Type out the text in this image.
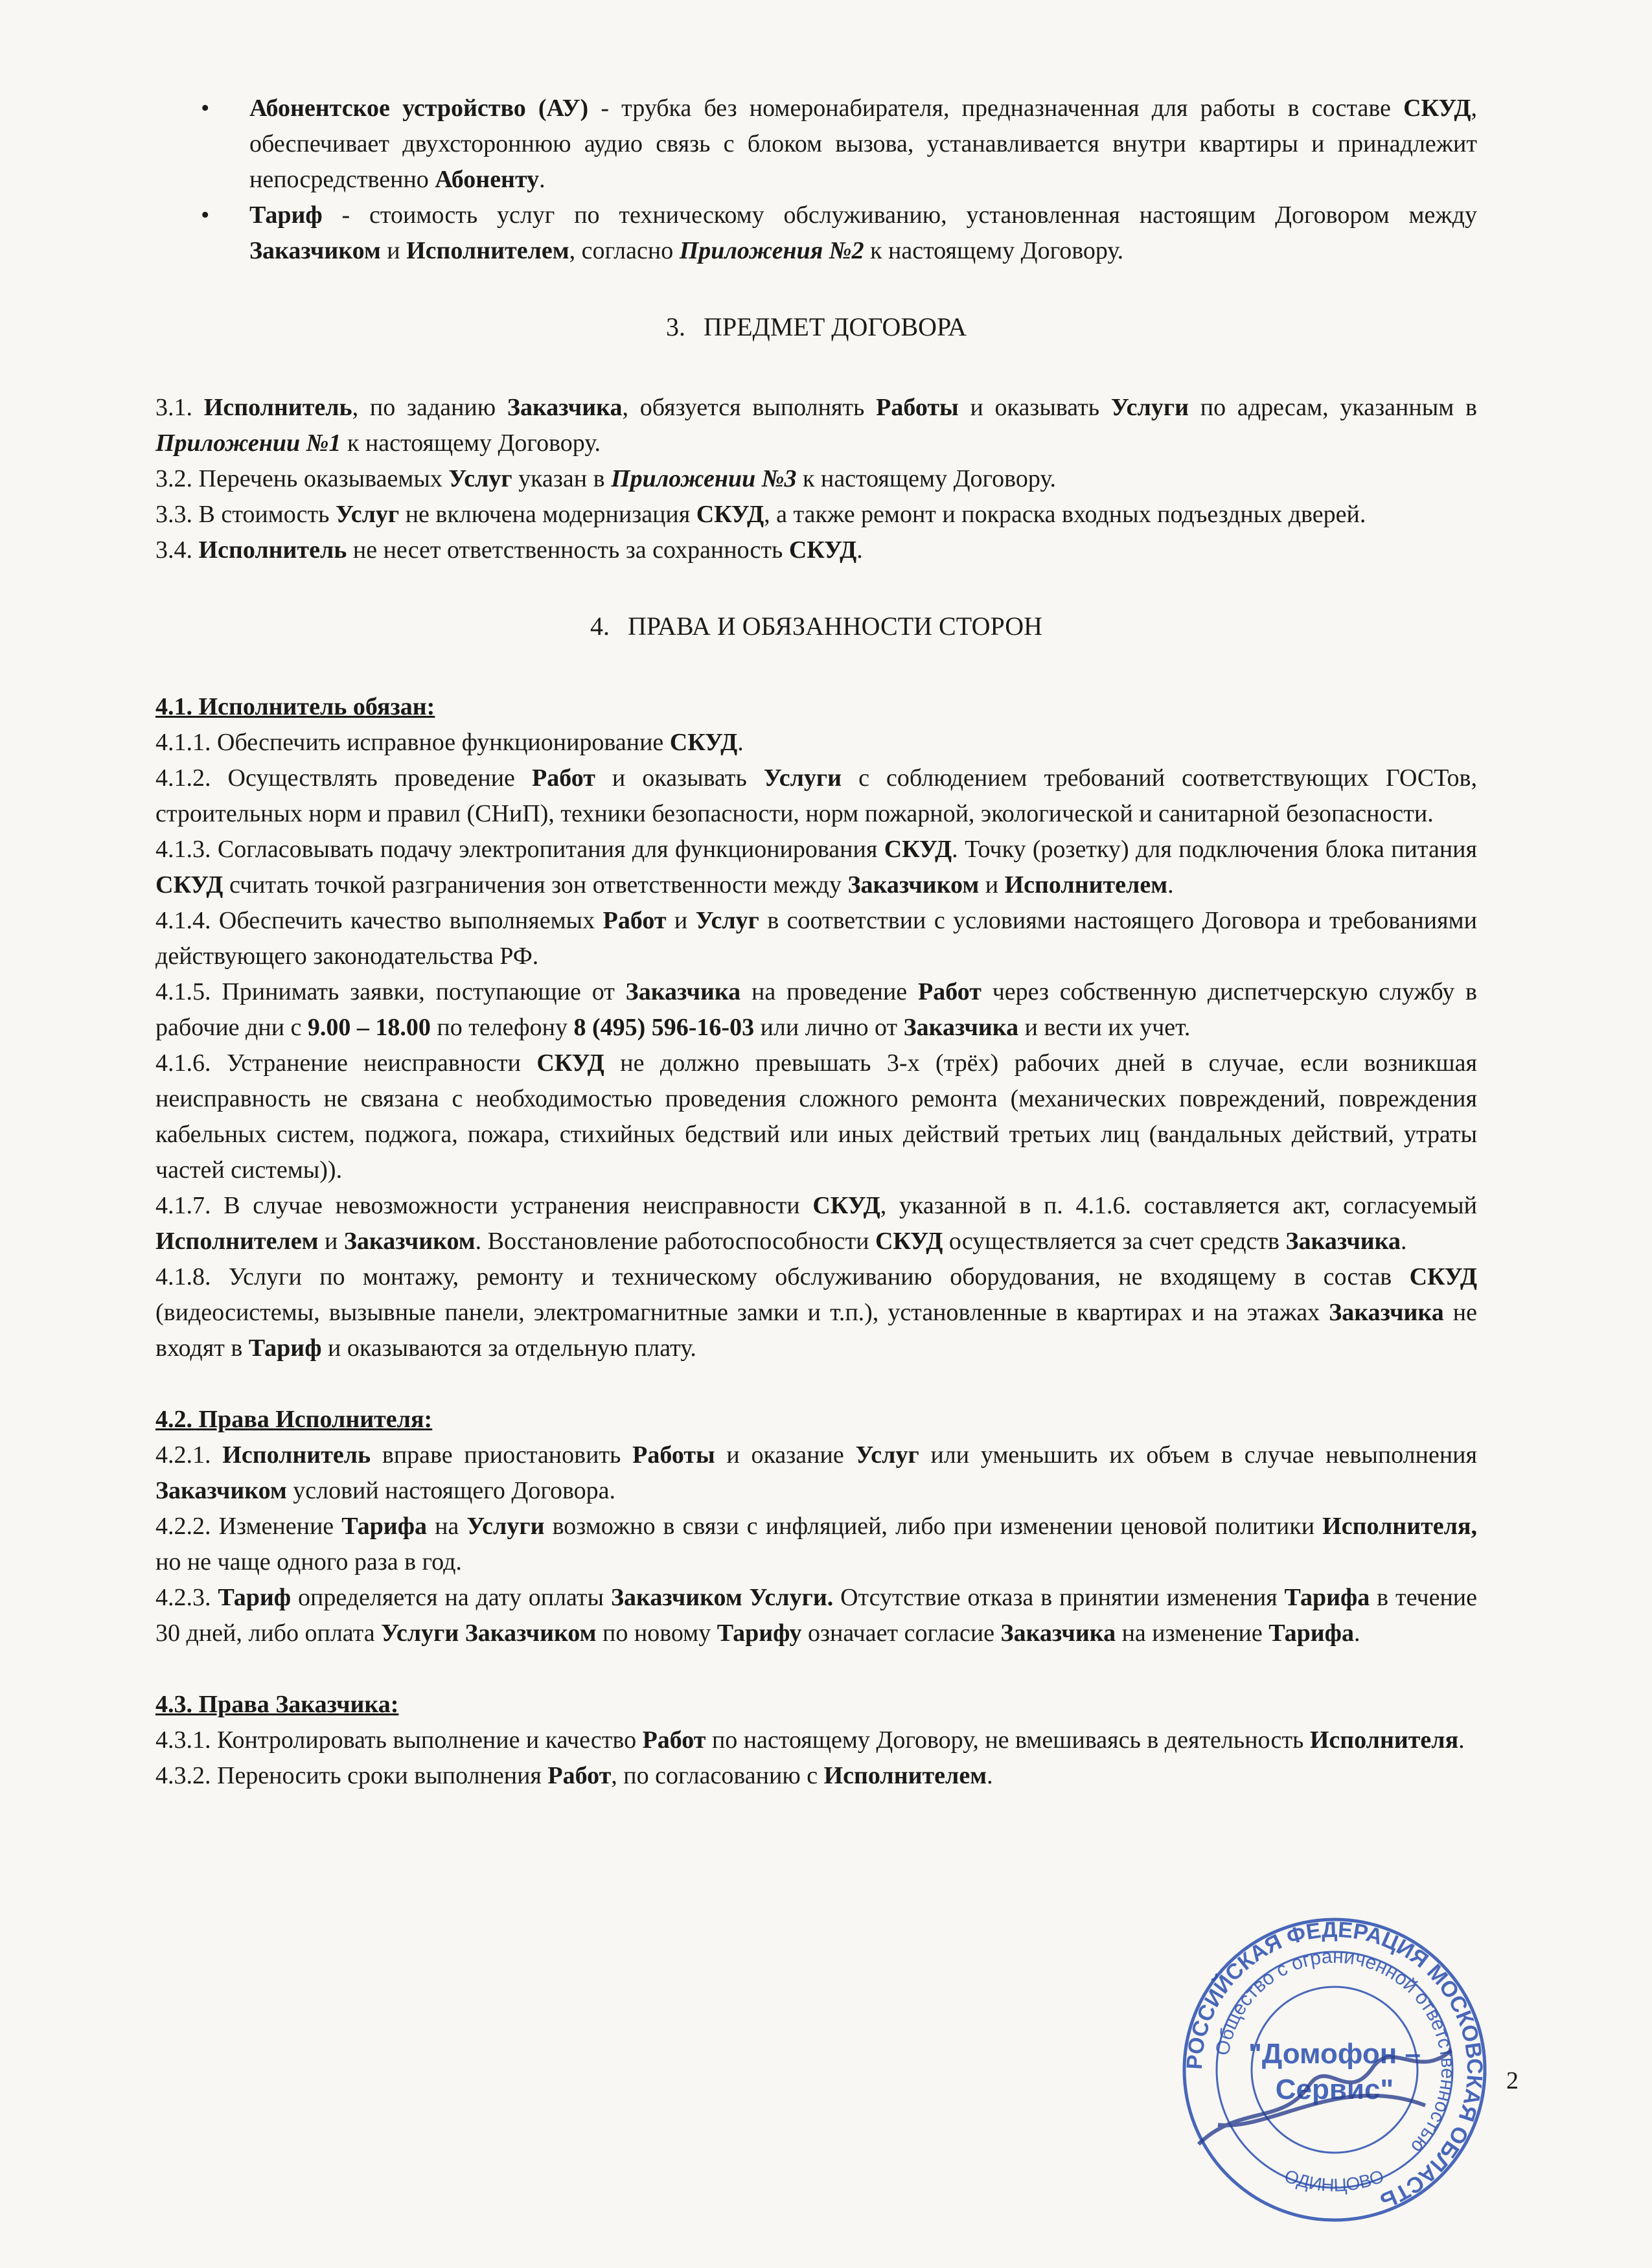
• Абонентское устройство (АУ) - трубка без номеронабирателя, предназначенная для работы в составе СКУД, обеспечивает двухстороннюю аудио связь с блоком вызова, устанавливается внутри квартиры и принадлежит непосредственно Абоненту.
• Тариф - стоимость услуг по техническому обслуживанию, установленная настоящим Договором между Заказчиком и Исполнителем, согласно Приложения №2 к настоящему Договору.
3. ПРЕДМЕТ ДОГОВОРА

3.1. Исполнитель, по заданию Заказчика, обязуется выполнять Работы и оказывать Услуги по адресам, указанным в Приложении №1 к настоящему Договору.

3.2. Перечень оказываемых Услуг указан в Приложении №3 к настоящему Договору.

3.3. В стоимость Услуг не включена модернизация СКУД, а также ремонт и покраска входных подъездных дверей.

3.4. Исполнитель не несет ответственность за сохранность СКУД.

4. ПРАВА И ОБЯЗАННОСТИ СТОРОН

4.1. Исполнитель обязан:

4.1.1. Обеспечить исправное функционирование СКУД.

4.1.2. Осуществлять проведение Работ и оказывать Услуги с соблюдением требований соответствующих ГОСТов, строительных норм и правил (СНиП), техники безопасности, норм пожарной, экологической и санитарной безопасности.

4.1.3. Согласовывать подачу электропитания для функционирования СКУД. Точку (розетку) для подключения блока питания СКУД считать точкой разграничения зон ответственности между Заказчиком и Исполнителем.

4.1.4. Обеспечить качество выполняемых Работ и Услуг в соответствии с условиями настоящего Договора и требованиями действующего законодательства РФ.

4.1.5. Принимать заявки, поступающие от Заказчика на проведение Работ через собственную диспетчерскую службу в рабочие дни с 9.00 – 18.00 по телефону 8 (495) 596-16-03 или лично от Заказчика и вести их учет.

4.1.6. Устранение неисправности СКУД не должно превышать 3-х (трёх) рабочих дней в случае, если возникшая неисправность не связана с необходимостью проведения сложного ремонта (механических повреждений, повреждения кабельных систем, поджога, пожара, стихийных бедствий или иных действий третьих лиц (вандальных действий, утраты частей системы)).

4.1.7. В случае невозможности устранения неисправности СКУД, указанной в п. 4.1.6. составляется акт, согласуемый Исполнителем и Заказчиком. Восстановление работоспособности СКУД осуществляется за счет средств Заказчика.

4.1.8. Услуги по монтажу, ремонту и техническому обслуживанию оборудования, не входящему в состав СКУД (видеосистемы, вызывные панели, электромагнитные замки и т.п.), установленные в квартирах и на этажах Заказчика не входят в Тариф и оказываются за отдельную плату.

4.2. Права Исполнителя:

4.2.1. Исполнитель вправе приостановить Работы и оказание Услуг или уменьшить их объем в случае невыполнения Заказчиком условий настоящего Договора.

4.2.2. Изменение Тарифа на Услуги возможно в связи с инфляцией, либо при изменении ценовой политики Исполнителя, но не чаще одного раза в год.

4.2.3. Тариф определяется на дату оплаты Заказчиком Услуги. Отсутствие отказа в принятии изменения Тарифа в течение 30 дней, либо оплата Услуги Заказчиком по новому Тарифу означает согласие Заказчика на изменение Тарифа.

4.3. Права Заказчика:

4.3.1. Контролировать выполнение и качество Работ по настоящему Договору, не вмешиваясь в деятельность Исполнителя.

4.3.2. Переносить сроки выполнения Работ, по согласованию с Исполнителем.

2
РОССИЙСКАЯ ФЕДЕРАЦИЯ МОСКОВСКАЯ ОБЛАСТЬ
Общество с ограниченной ответственностью
"Домофон –
Сервис"
ОДИНЦОВО
